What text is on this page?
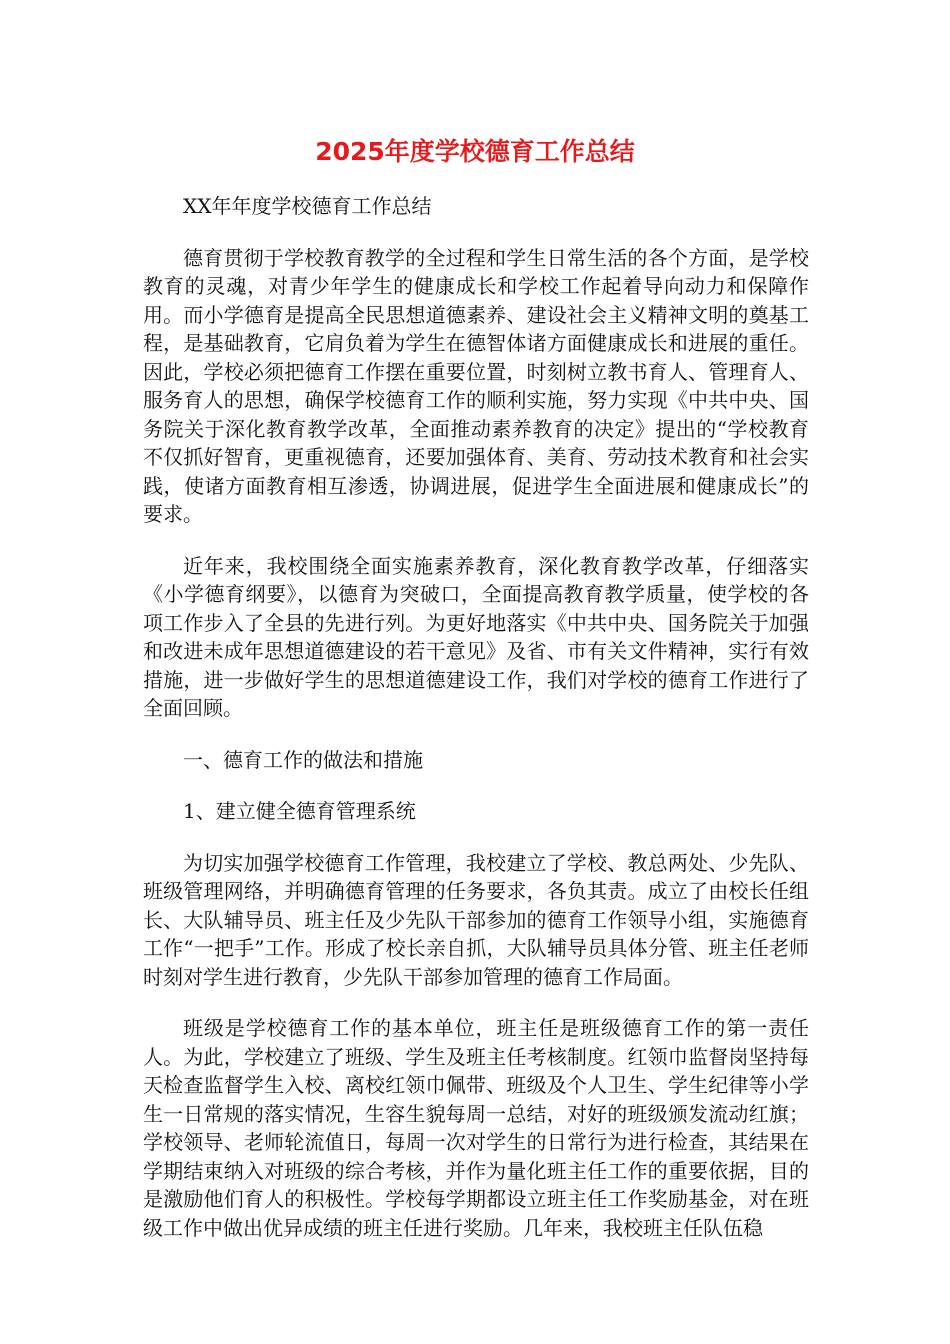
2025年度学校德育工作总结

XX年年度学校德育工作总结

德育贯彻于学校教育教学的全过程和学生日常生活的各个方面，是学校教育的灵魂，对青少年学生的健康成长和学校工作起着导向动力和保障作用。而小学德育是提高全民思想道德素养、建设社会主义精神文明的奠基工程，是基础教育，它肩负着为学生在德智体诸方面健康成长和进展的重任。因此，学校必须把德育工作摆在重要位置，时刻树立教书育人、管理育人、服务育人的思想，确保学校德育工作的顺利实施，努力实现《中共中央、国务院关于深化教育教学改革，全面推动素养教育的决定》提出的“学校教育不仅抓好智育，更重视德育，还要加强体育、美育、劳动技术教育和社会实践，使诸方面教育相互渗透，协调进展，促进学生全面进展和健康成长”的要求。

近年来，我校围绕全面实施素养教育，深化教育教学改革，仔细落实《小学德育纲要》，以德育为突破口，全面提高教育教学质量，使学校的各项工作步入了全县的先进行列。为更好地落实《中共中央、国务院关于加强和改进未成年思想道德建设的若干意见》及省、市有关文件精神，实行有效措施，进一步做好学生的思想道德建设工作，我们对学校的德育工作进行了全面回顾。

一、德育工作的做法和措施

1、建立健全德育管理系统

为切实加强学校德育工作管理，我校建立了学校、教总两处、少先队、班级管理网络，并明确德育管理的任务要求，各负其责。成立了由校长任组长、大队辅导员、班主任及少先队干部参加的德育工作领导小组，实施德育工作“一把手”工作。形成了校长亲自抓，大队辅导员具体分管、班主任老师时刻对学生进行教育，少先队干部参加管理的德育工作局面。

班级是学校德育工作的基本单位，班主任是班级德育工作的第一责任人。为此，学校建立了班级、学生及班主任考核制度。红领巾监督岗坚持每天检查监督学生入校、离校红领巾佩带、班级及个人卫生、学生纪律等小学生一日常规的落实情况，生容生貌每周一总结，对好的班级颁发流动红旗；学校领导、老师轮流值日，每周一次对学生的日常行为进行检查，其结果在学期结束纳入对班级的综合考核，并作为量化班主任工作的重要依据，目的是激励他们育人的积极性。学校每学期都设立班主任工作奖励基金，对在班级工作中做出优异成绩的班主任进行奖励。几年来，我校班主任队伍稳
